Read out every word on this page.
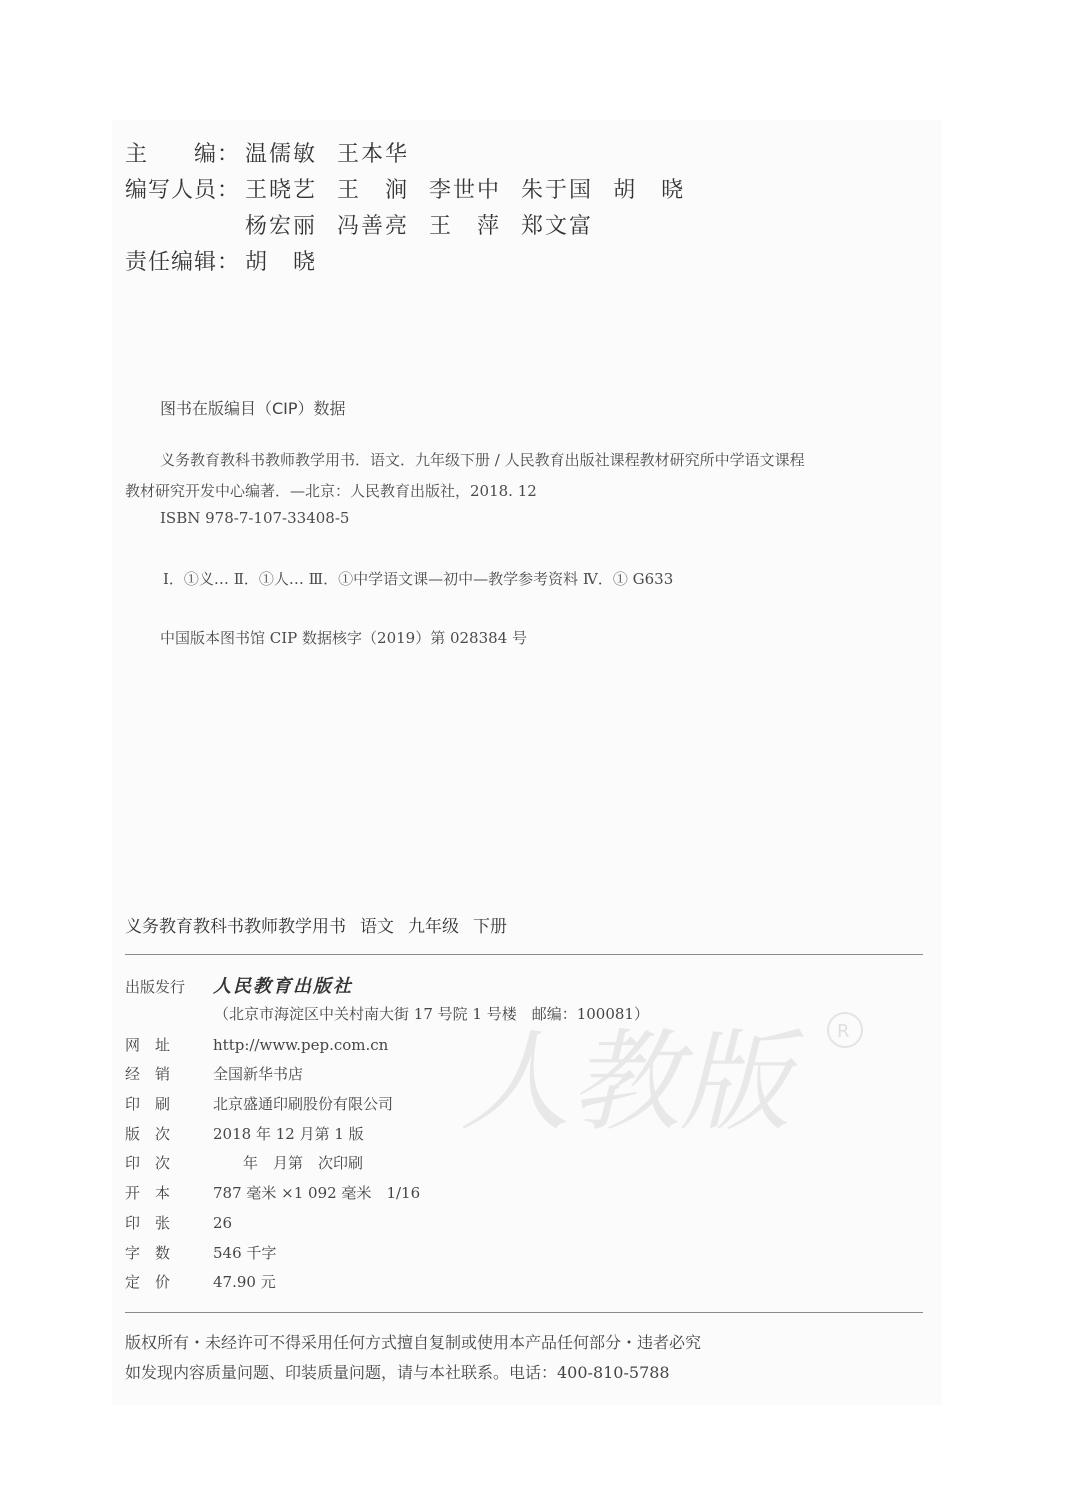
人教版	R
主　　编： 温儒敏 王本华
编写人员： 王晓艺 王　涧 李世中 朱于国 胡　晓
杨宏丽 冯善亮 王　萍 郑文富
责任编辑： 胡　晓
图书在版编目（CIP）数据
义务教育教科书教师教学用书．语文．九年级下册 / 人民教育出版社课程教材研究所中学语文课程
教材研究开发中心编著．—北京：人民教育出版社，2018. 12
ISBN 978-7-107-33408-5
Ⅰ．①义… Ⅱ．①人… Ⅲ．①中学语文课—初中—教学参考资料 Ⅳ．① G633
中国版本图书馆 CIP 数据核字（2019）第 028384 号
义务教育教科书教师教学用书 语文 九年级 下册
出版发行 人民教育出版社
（北京市海淀区中关村南大街 17 号院 1 号楼　邮编：100081）
网　址	http://www.pep.com.cn
经　销	全国新华书店
印　刷	北京盛通印刷股份有限公司
版　次	2018 年 12 月第 1 版
印　次	　　年　月第　次印刷
开　本	787 毫米 ×1 092 毫米　1/16
印　张	26
字　数	546 千字
定　价	47.90 元
版权所有・未经许可不得采用任何方式擅自复制或使用本产品任何部分・违者必究
如发现内容质量问题、印装质量问题，请与本社联系。电话：400-810-5788
